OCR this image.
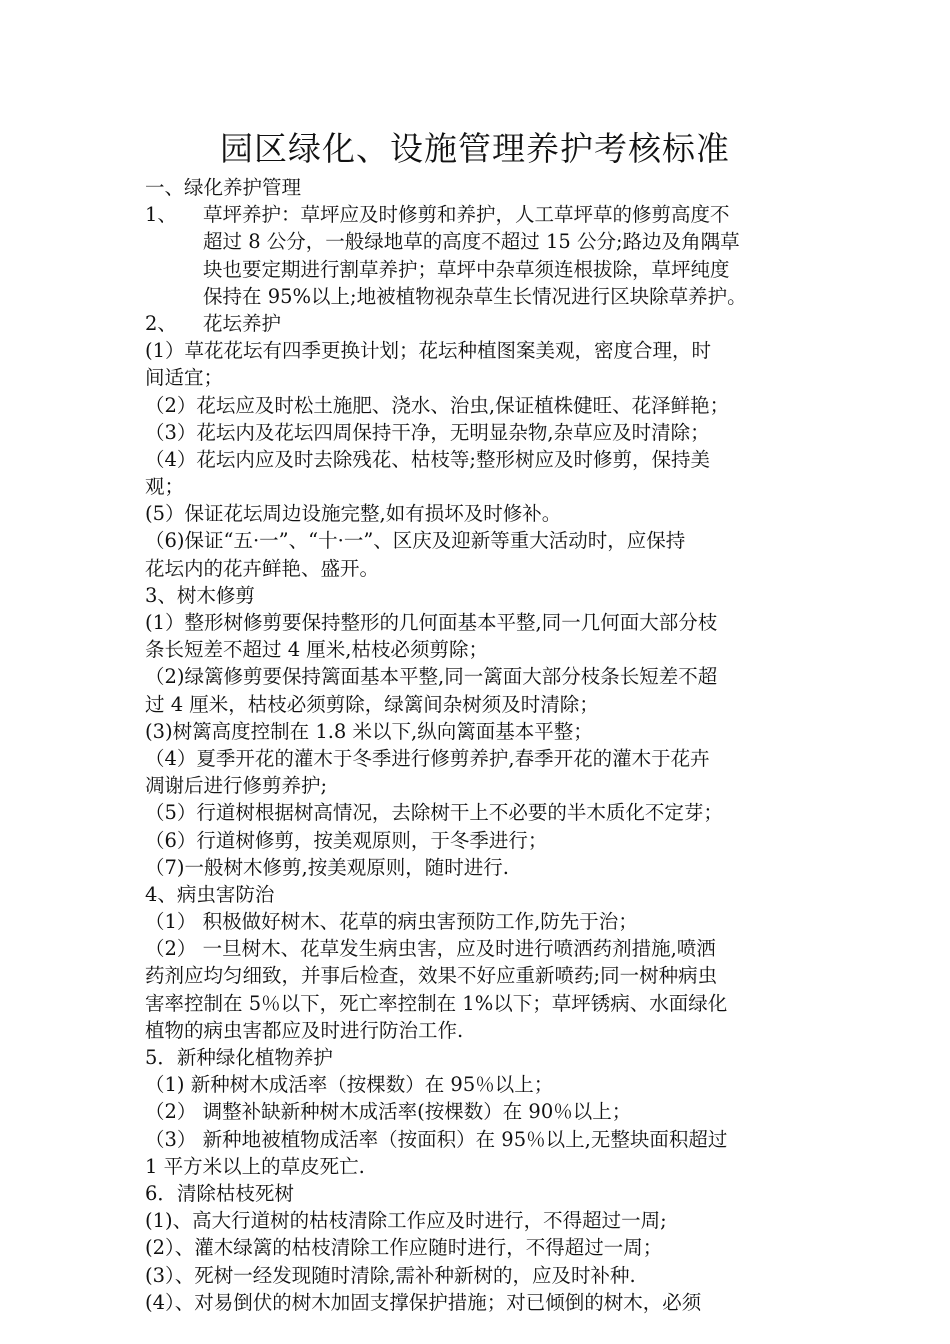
园区绿化、设施管理养护考核标准
一、绿化养护管理
1、 草坪养护：草坪应及时修剪和养护，人工草坪草的修剪高度不
超过 8 公分，一般绿地草的高度不超过 15 公分;路边及角隅草
块也要定期进行割草养护；草坪中杂草须连根拔除，草坪纯度
保持在 95%以上;地被植物视杂草生长情况进行区块除草养护。
2、 花坛养护
(1）草花花坛有四季更换计划；花坛种植图案美观，密度合理，时
间适宜；
（2）花坛应及时松土施肥、浇水、治虫,保证植株健旺、花泽鲜艳；
（3）花坛内及花坛四周保持干净，无明显杂物,杂草应及时清除；
（4）花坛内应及时去除残花、枯枝等;整形树应及时修剪，保持美
观；
(5）保证花坛周边设施完整,如有损坏及时修补。
（6)保证“五·一”、“十·一”、区庆及迎新等重大活动时，应保持
花坛内的花卉鲜艳、盛开。
3、树木修剪
(1）整形树修剪要保持整形的几何面基本平整,同一几何面大部分枝
条长短差不超过 4 厘米,枯枝必须剪除；
（2)绿篱修剪要保持篱面基本平整,同一篱面大部分枝条长短差不超
过 4 厘米，枯枝必须剪除，绿篱间杂树须及时清除；
(3)树篱高度控制在 1.8 米以下,纵向篱面基本平整；
（4）夏季开花的灌木于冬季进行修剪养护,春季开花的灌木于花卉
凋谢后进行修剪养护;
（5）行道树根据树高情况，去除树干上不必要的半木质化不定芽；
（6）行道树修剪，按美观原则，于冬季进行；
（7)一般树木修剪,按美观原则，随时进行.
4、病虫害防治
（1） 积极做好树木、花草的病虫害预防工作,防先于治；
（2） 一旦树木、花草发生病虫害，应及时进行喷洒药剂措施,喷洒
药剂应均匀细致，并事后检查，效果不好应重新喷药;同一树种病虫
害率控制在 5％以下，死亡率控制在 1%以下；草坪锈病、水面绿化
植物的病虫害都应及时进行防治工作.
5．新种绿化植物养护
（1) 新种树木成活率（按棵数）在 95％以上；
（2） 调整补缺新种树木成活率(按棵数）在 90％以上；
（3） 新种地被植物成活率（按面积）在 95％以上,无整块面积超过
1 平方米以上的草皮死亡.
6．清除枯枝死树
(1)、高大行道树的枯枝清除工作应及时进行，不得超过一周;
(2）、灌木绿篱的枯枝清除工作应随时进行，不得超过一周；
(3）、死树一经发现随时清除,需补种新树的，应及时补种.
(4）、对易倒伏的树木加固支撑保护措施；对已倾倒的树木，必须
